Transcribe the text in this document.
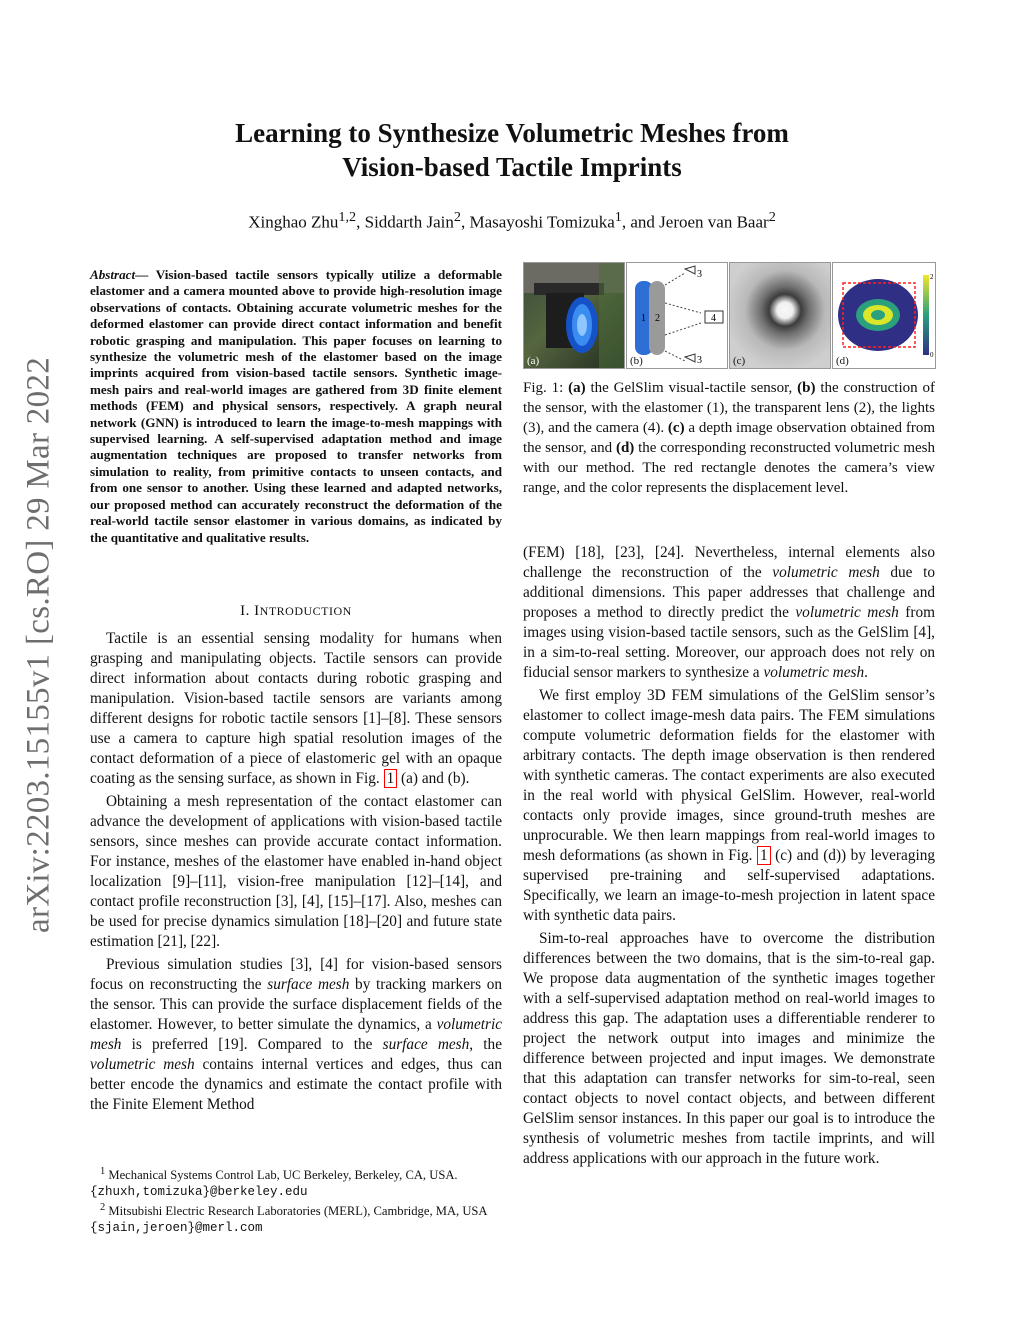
arXiv:2203.15155v1 [cs.RO] 29 Mar 2022
Learning to Synthesize Volumetric Meshes from
Vision-based Tactile Imprints
Xinghao Zhu$^{1,2}$, Siddarth Jain$^2$, Masayoshi Tomizuka$^1$, and Jeroen van Baar$^2$

Abstract— Vision-based tactile sensors typically utilize a deformable elastomer and a camera mounted above to provide high-resolution image observations of contacts. Obtaining accurate volumetric meshes for the deformed elastomer can provide direct contact information and benefit robotic grasping and manipulation. This paper focuses on learning to synthesize the volumetric mesh of the elastomer based on the image imprints acquired from vision-based tactile sensors. Synthetic image-mesh pairs and real-world images are gathered from 3D finite element methods (FEM) and physical sensors, respectively. A graph neural network (GNN) is introduced to learn the image-to-mesh mappings with supervised learning. A self-supervised adaptation method and image augmentation techniques are proposed to transfer networks from simulation to reality, from primitive contacts to unseen contacts, and from one sensor to another. Using these learned and adapted networks, our proposed method can accurately reconstruct the deformation of the real-world tactile sensor elastomer in various domains, as indicated by the quantitative and qualitative results.

I. INTRODUCTION

Tactile is an essential sensing modality for humans when grasping and manipulating objects. Tactile sensors can provide direct information about contacts during robotic grasping and manipulation. Vision-based tactile sensors are variants among different designs for robotic tactile sensors [1]–[8]. These sensors use a camera to capture high spatial resolution images of the contact deformation of a piece of elastomeric gel with an opaque coating as the sensing surface, as shown in Fig. 1 (a) and (b).

Obtaining a mesh representation of the contact elastomer can advance the development of applications with vision-based tactile sensors, since meshes can provide accurate contact information. For instance, meshes of the elastomer have enabled in-hand object localization [9]–[11], vision-free manipulation [12]–[14], and contact profile reconstruction [3], [4], [15]–[17]. Also, meshes can be used for precise dynamics simulation [18]–[20] and future state estimation [21], [22].

Previous simulation studies [3], [4] for vision-based sensors focus on reconstructing the surface mesh by tracking markers on the sensor. This can provide the surface displacement fields of the elastomer. However, to better simulate the dynamics, a volumetric mesh is preferred [19]. Compared to the surface mesh, the volumetric mesh contains internal vertices and edges, thus can better encode the dynamics and estimate the contact profile with the Finite Element Method

$^1$ Mechanical Systems Control Lab, UC Berkeley, Berkeley, CA, USA. {zhuxh,tomizuka}@berkeley.edu

$^2$ Mitsubishi Electric Research Laboratories (MERL), Cambridge, MA, USA {sjain,jeroen}@merl.com

(a)
1 2
3
3
4
(b)	(c)
2
0
(d)

Fig. 1: (a) the GelSlim visual-tactile sensor, (b) the construction of the sensor, with the elastomer (1), the transparent lens (2), the lights (3), and the camera (4). (c) a depth image observation obtained from the sensor, and (d) the corresponding reconstructed volumetric mesh with our method. The red rectangle denotes the camera’s view range, and the color represents the displacement level.

(FEM) [18], [23], [24]. Nevertheless, internal elements also challenge the reconstruction of the volumetric mesh due to additional dimensions. This paper addresses that challenge and proposes a method to directly predict the volumetric mesh from images using vision-based tactile sensors, such as the GelSlim [4], in a sim-to-real setting. Moreover, our approach does not rely on fiducial sensor markers to synthesize a volumetric mesh.

We first employ 3D FEM simulations of the GelSlim sensor’s elastomer to collect image-mesh data pairs. The FEM simulations compute volumetric deformation fields for the elastomer with arbitrary contacts. The depth image observation is then rendered with synthetic cameras. The contact experiments are also executed in the real world with physical GelSlim. However, real-world contacts only provide images, since ground-truth meshes are unprocurable. We then learn mappings from real-world images to mesh deformations (as shown in Fig. 1 (c) and (d)) by leveraging supervised pre-training and self-supervised adaptations. Specifically, we learn an image-to-mesh projection in latent space with synthetic data pairs.

Sim-to-real approaches have to overcome the distribution differences between the two domains, that is the sim-to-real gap. We propose data augmentation of the synthetic images together with a self-supervised adaptation method on real-world images to address this gap. The adaptation uses a differentiable renderer to project the network output into images and minimize the difference between projected and input images. We demonstrate that this adaptation can transfer networks for sim-to-real, seen contact objects to novel contact objects, and between different GelSlim sensor instances. In this paper our goal is to introduce the synthesis of volumetric meshes from tactile imprints, and will address applications with our approach in the future work.
